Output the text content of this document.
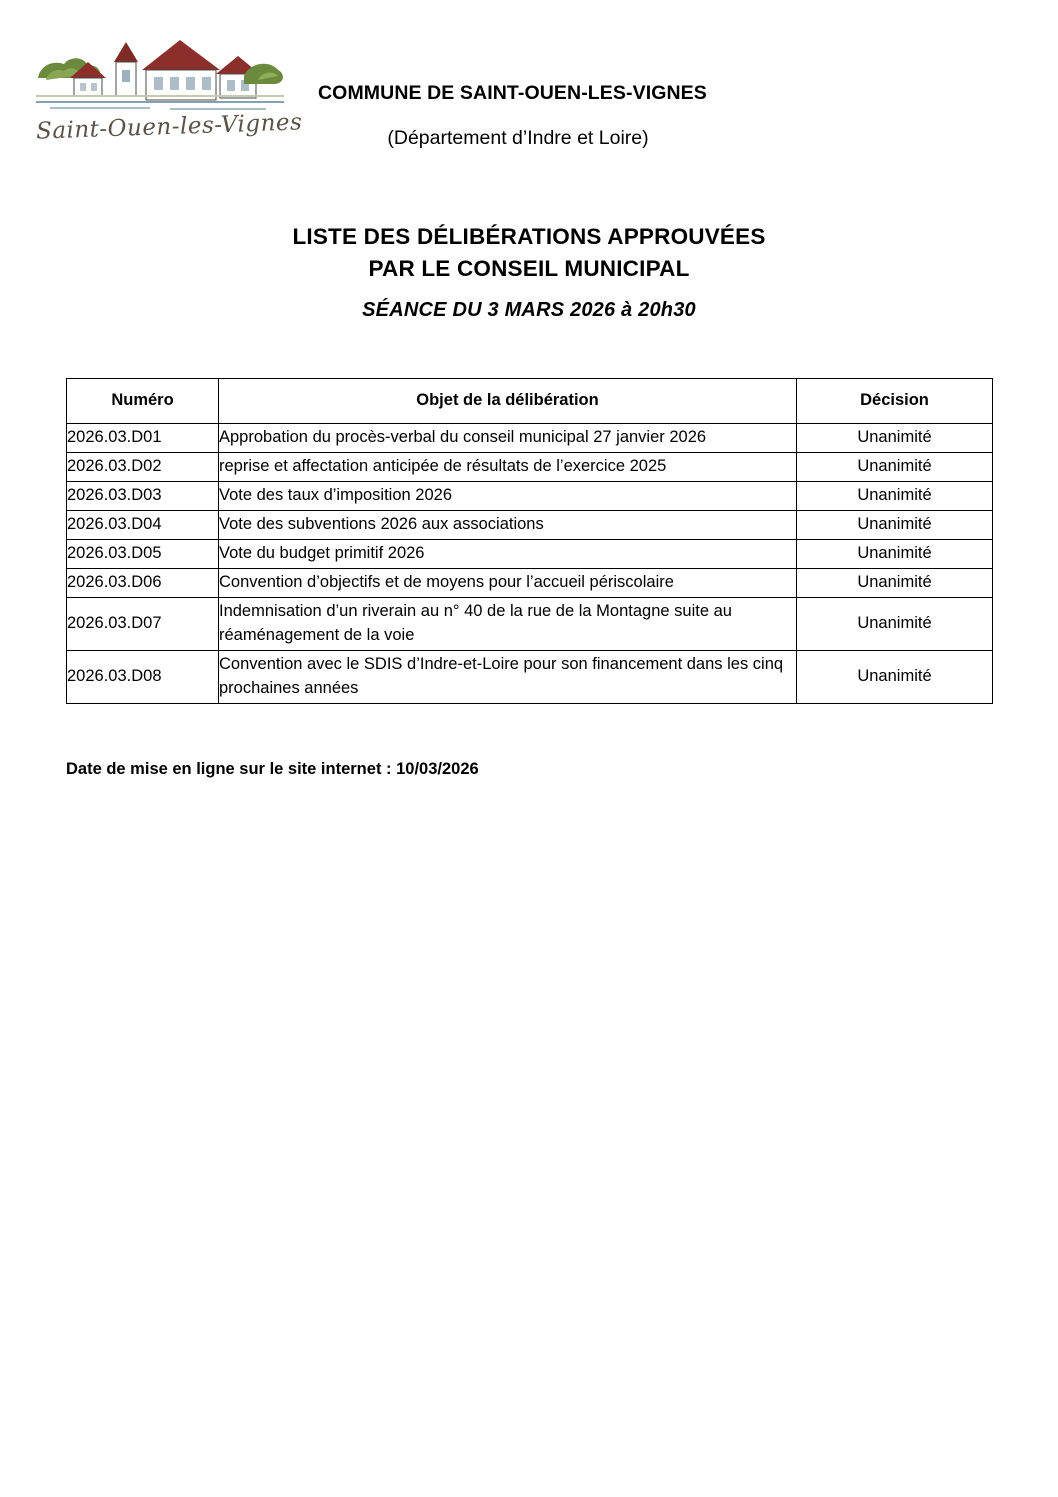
Saint-Ouen-les-Vignes
COMMUNE DE SAINT-OUEN-LES-VIGNES
(Département d’Indre et Loire)
LISTE DES DÉLIBÉRATIONS APPROUVÉES
PAR LE CONSEIL MUNICIPAL
SÉANCE DU 3 MARS 2026 à 20h30
Numéro	Objet de la délibération	Décision
2026.03.D01	Approbation du procès-verbal du conseil municipal 27 janvier 2026	Unanimité
2026.03.D02	reprise et affectation anticipée de résultats de l’exercice 2025	Unanimité
2026.03.D03	Vote des taux d’imposition 2026	Unanimité
2026.03.D04	Vote des subventions 2026 aux associations	Unanimité
2026.03.D05	Vote du budget primitif 2026	Unanimité
2026.03.D06	Convention d’objectifs et de moyens pour l’accueil périscolaire	Unanimité
2026.03.D07	Indemnisation d’un riverain au n° 40 de la rue de la Montagne suite au réaménagement de la voie	Unanimité
2026.03.D08	Convention avec le SDIS d’Indre-et-Loire pour son financement dans les cinq prochaines années	Unanimité
Date de mise en ligne sur le site internet : 10/03/2026
